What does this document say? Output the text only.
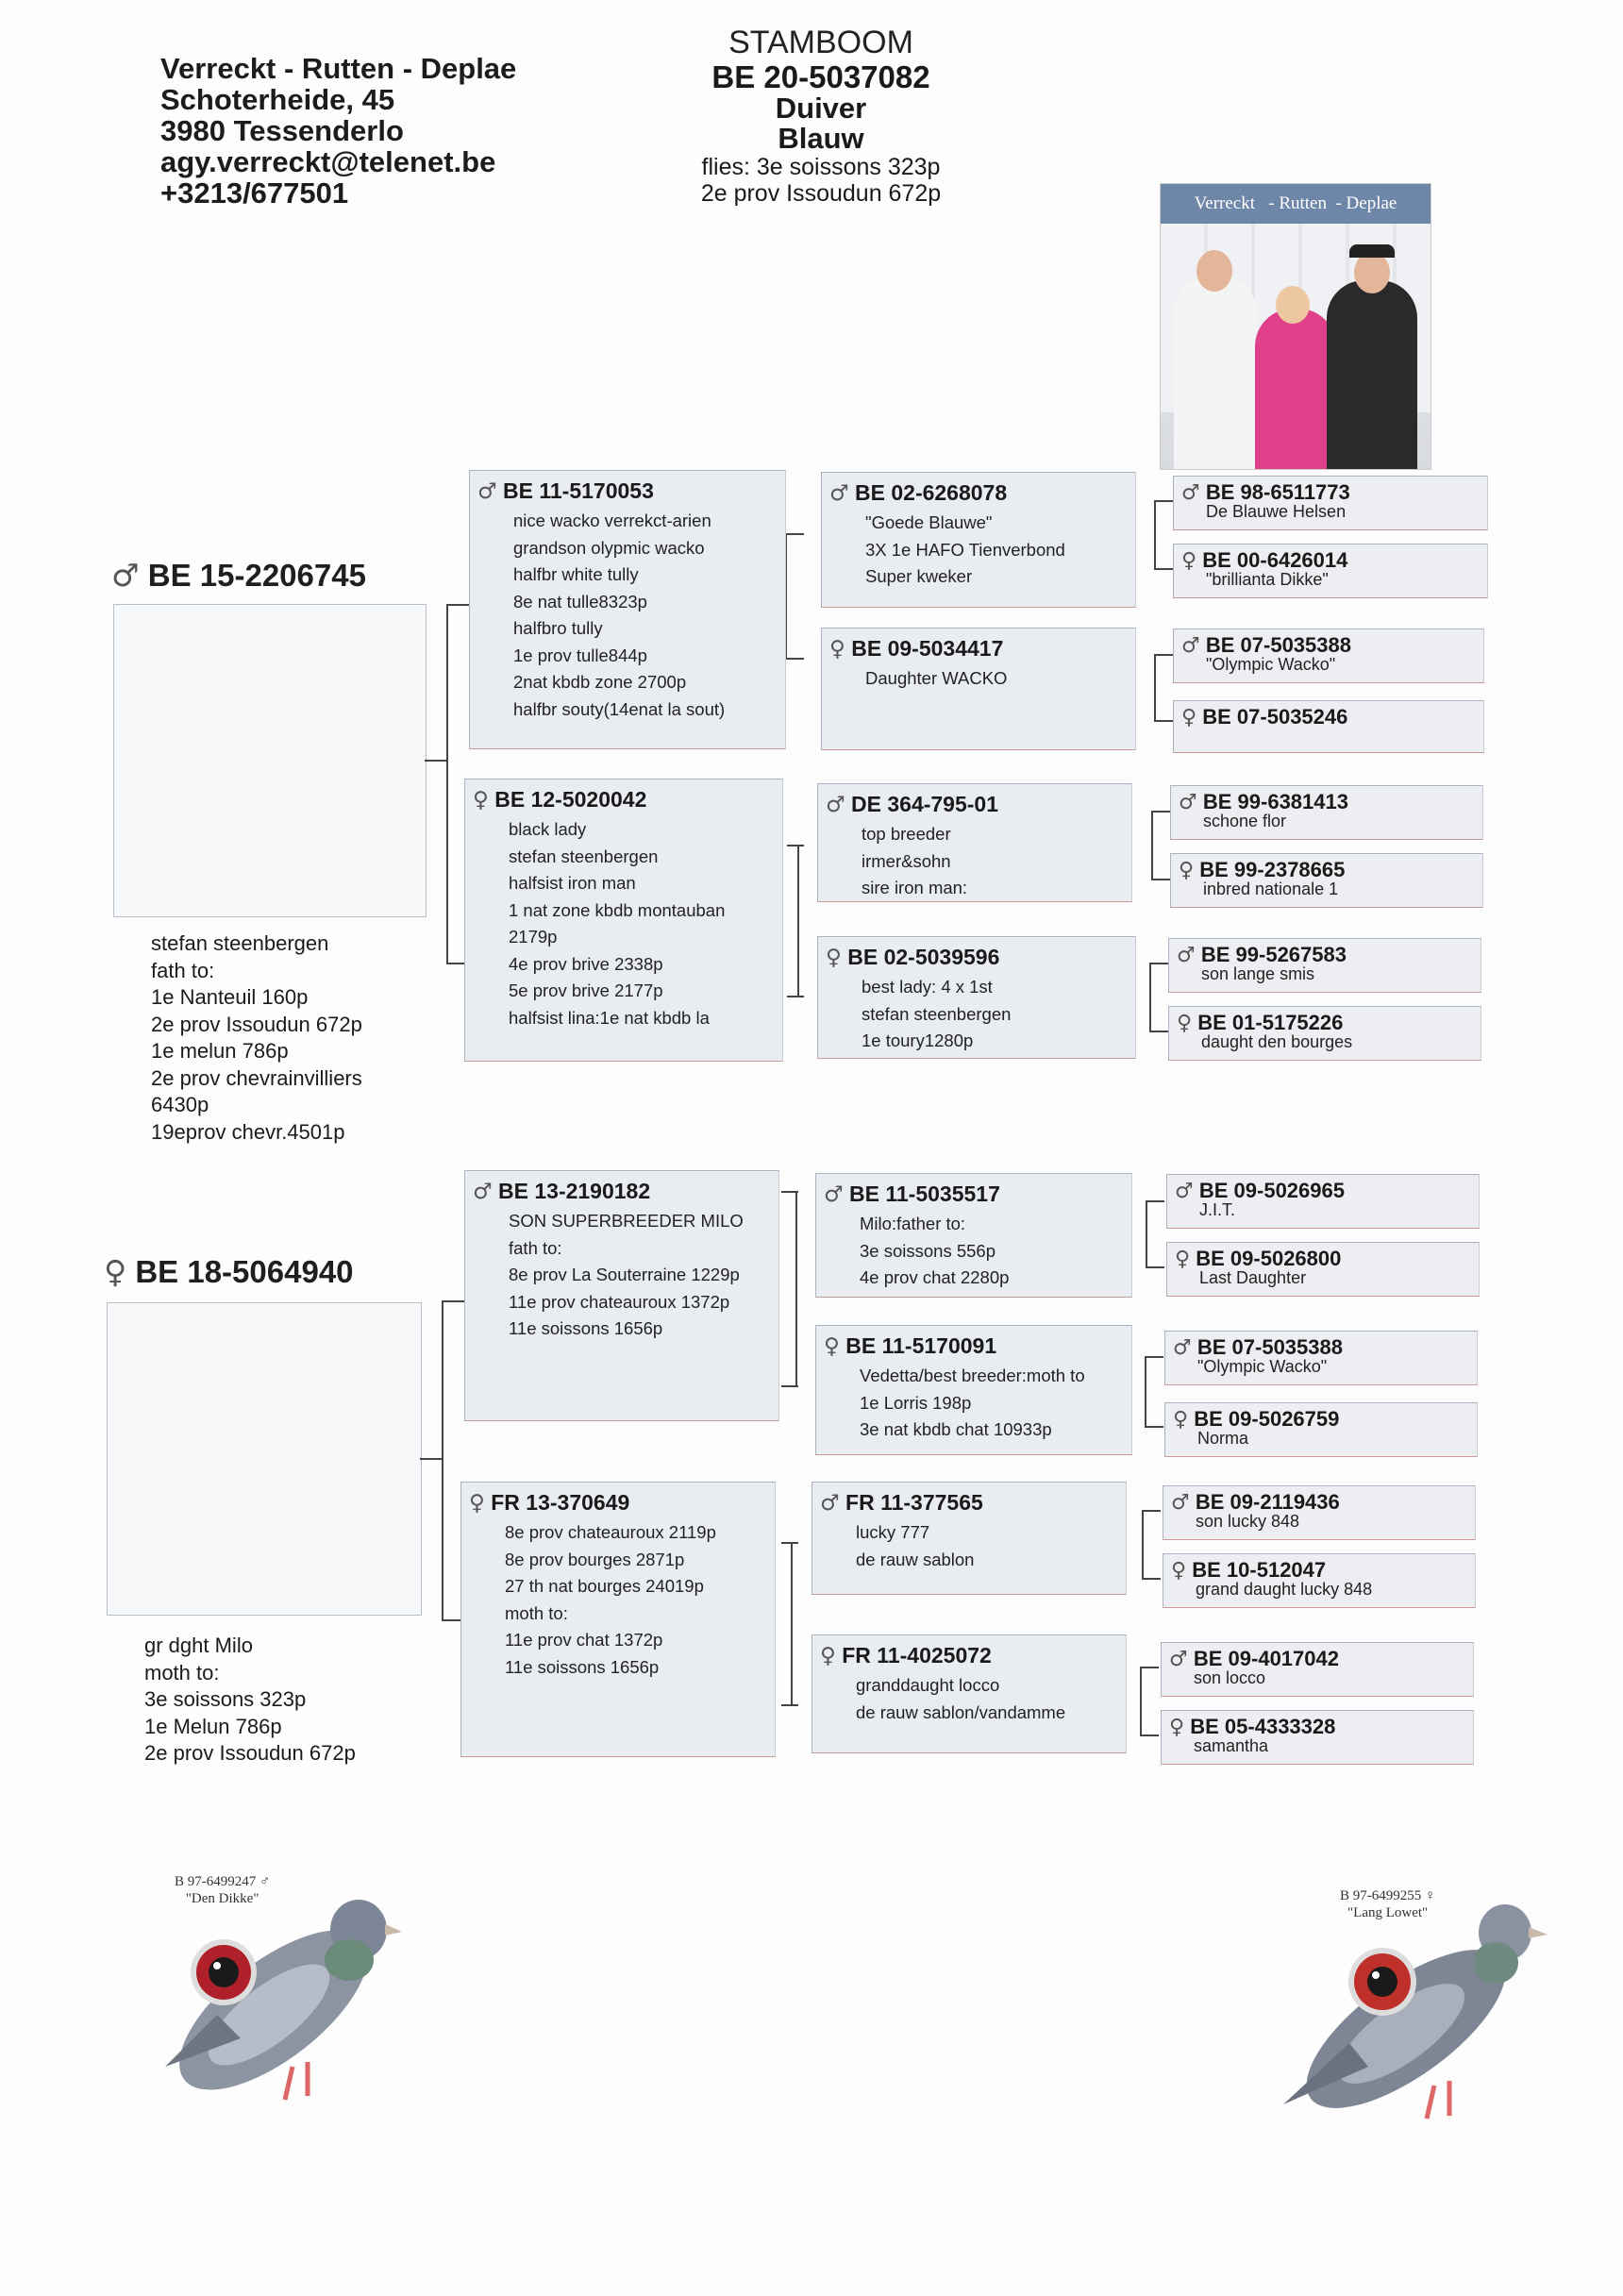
Verreckt - Rutten - Deplae
Schoterheide, 45
3980 Tessenderlo
agy.verreckt@telenet.be
+3213/677501
STAMBOOM
BE 20-5037082
Duiver
Blauw
flies: 3e soissons 323p
2e prov Issoudun 672p	Verreckt   - Rutten  - Deplae
♂ BE 15-2206745
stefan steenbergen
fath to:
1e Nanteuil 160p
2e prov Issoudun 672p
1e melun 786p
2e prov chevrainvilliers
6430p
19eprov chevr.4501p
♀ BE 18-5064940
gr dght Milo
moth to:
3e soissons 323p
1e Melun 786p
2e prov Issoudun 672p
♂ BE 11-5170053
nice wacko verrekct-arien
grandson olypmic wacko
halfbr white tully
8e nat tulle8323p
halfbro tully
1e prov tulle844p
2nat kbdb zone 2700p
halfbr souty(14enat la sout)
♀ BE 12-5020042
black lady
stefan steenbergen
halfsist iron man
1 nat zone kbdb montauban
2179p
4e prov brive 2338p
5e prov brive 2177p
halfsist lina:1e nat kbdb la
♂ BE 13-2190182
SON SUPERBREEDER MILO
fath to:
8e prov La Souterraine 1229p
11e prov chateauroux 1372p
11e soissons 1656p
♀ FR 13-370649
8e prov chateauroux 2119p
8e prov bourges 2871p
27 th nat bourges 24019p
moth to:
11e prov chat 1372p
11e soissons 1656p
♂ BE 02-6268078
"Goede Blauwe"
3X 1e HAFO Tienverbond
Super kweker
♀ BE 09-5034417
Daughter WACKO
♂ DE 364-795-01
top breeder
irmer&sohn
sire iron man:
♀ BE 02-5039596
best lady: 4 x 1st
stefan steenbergen
1e toury1280p
♂ BE 11-5035517
Milo:father to:
3e soissons 556p
4e prov chat 2280p
♀ BE 11-5170091
Vedetta/best breeder:moth to
1e Lorris 198p
3e nat kbdb chat 10933p
♂ FR 11-377565
lucky 777
de rauw sablon
♀ FR 11-4025072
granddaught locco
de rauw sablon/vandamme
♂ BE 98-6511773
De Blauwe Helsen
♀ BE 00-6426014
"brillianta Dikke"
♂ BE 07-5035388
"Olympic Wacko"
♀ BE 07-5035246
♂ BE 99-6381413
schone flor
♀ BE 99-2378665
inbred nationale 1
♂ BE 99-5267583
son lange smis
♀ BE 01-5175226
daught den bourges
♂ BE 09-5026965
J.I.T.
♀ BE 09-5026800
Last Daughter
♂ BE 07-5035388
"Olympic Wacko"
♀ BE 09-5026759
Norma
♂ BE 09-2119436
son lucky 848
♀ BE 10-512047
grand daught lucky 848
♂ BE 09-4017042
son locco
♀ BE 05-4333328
samantha
B 97-6499247 ♂
"Den Dikke"	B 97-6499255 ♀
"Lang Lowet"
